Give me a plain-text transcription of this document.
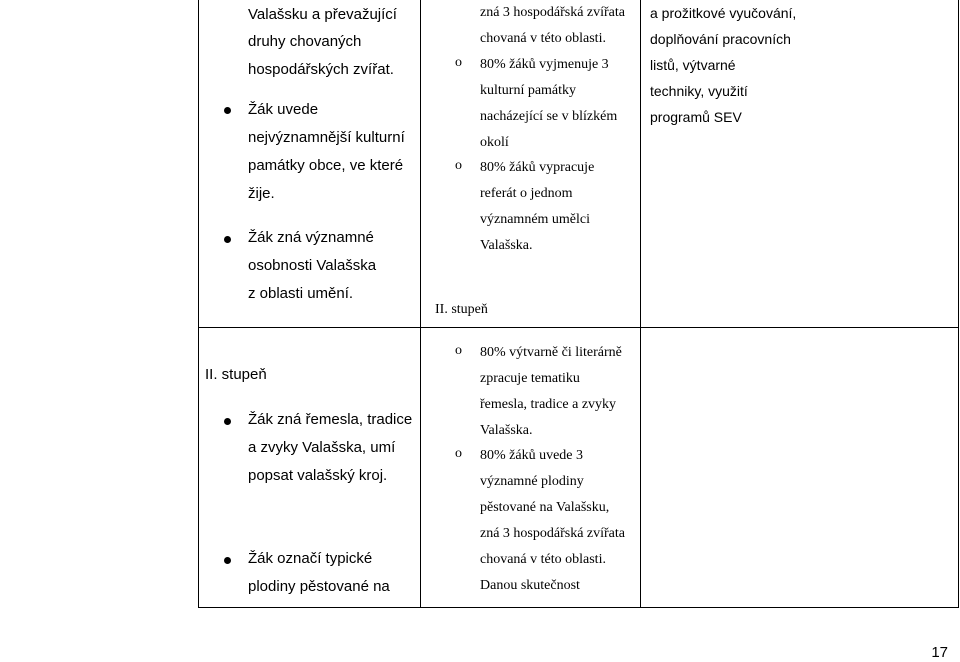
Valašsku a převažující
druhy chovaných
hospodářských zvířat.
Žák uvede
nejvýznamnější kulturní
památky obce, ve které
žije.
Žák zná významné
osobnosti Valašska
z oblasti umění.
II. stupeň
Žák zná řemesla, tradice
a zvyky Valašska, umí
popsat valašský kroj.
Žák označí typické
plodiny pěstované na
zná 3 hospodářská zvířata
chovaná v této oblasti.
o 80% žáků vyjmenuje 3
kulturní památky
nacházející se v blízkém
okolí
o 80% žáků vypracuje
referát o jednom
významném umělci
Valašska.
II. stupeň
o 80% výtvarně či literárně
zpracuje tematiku
řemesla, tradice a zvyky
Valašska.
o 80% žáků uvede 3
významné plodiny
pěstované na Valašsku,
zná 3 hospodářská zvířata
chovaná v této oblasti.
Danou skutečnost
a prožitkové vyučování,
doplňování pracovních
listů, výtvarné
techniky, využití
programů SEV
17
